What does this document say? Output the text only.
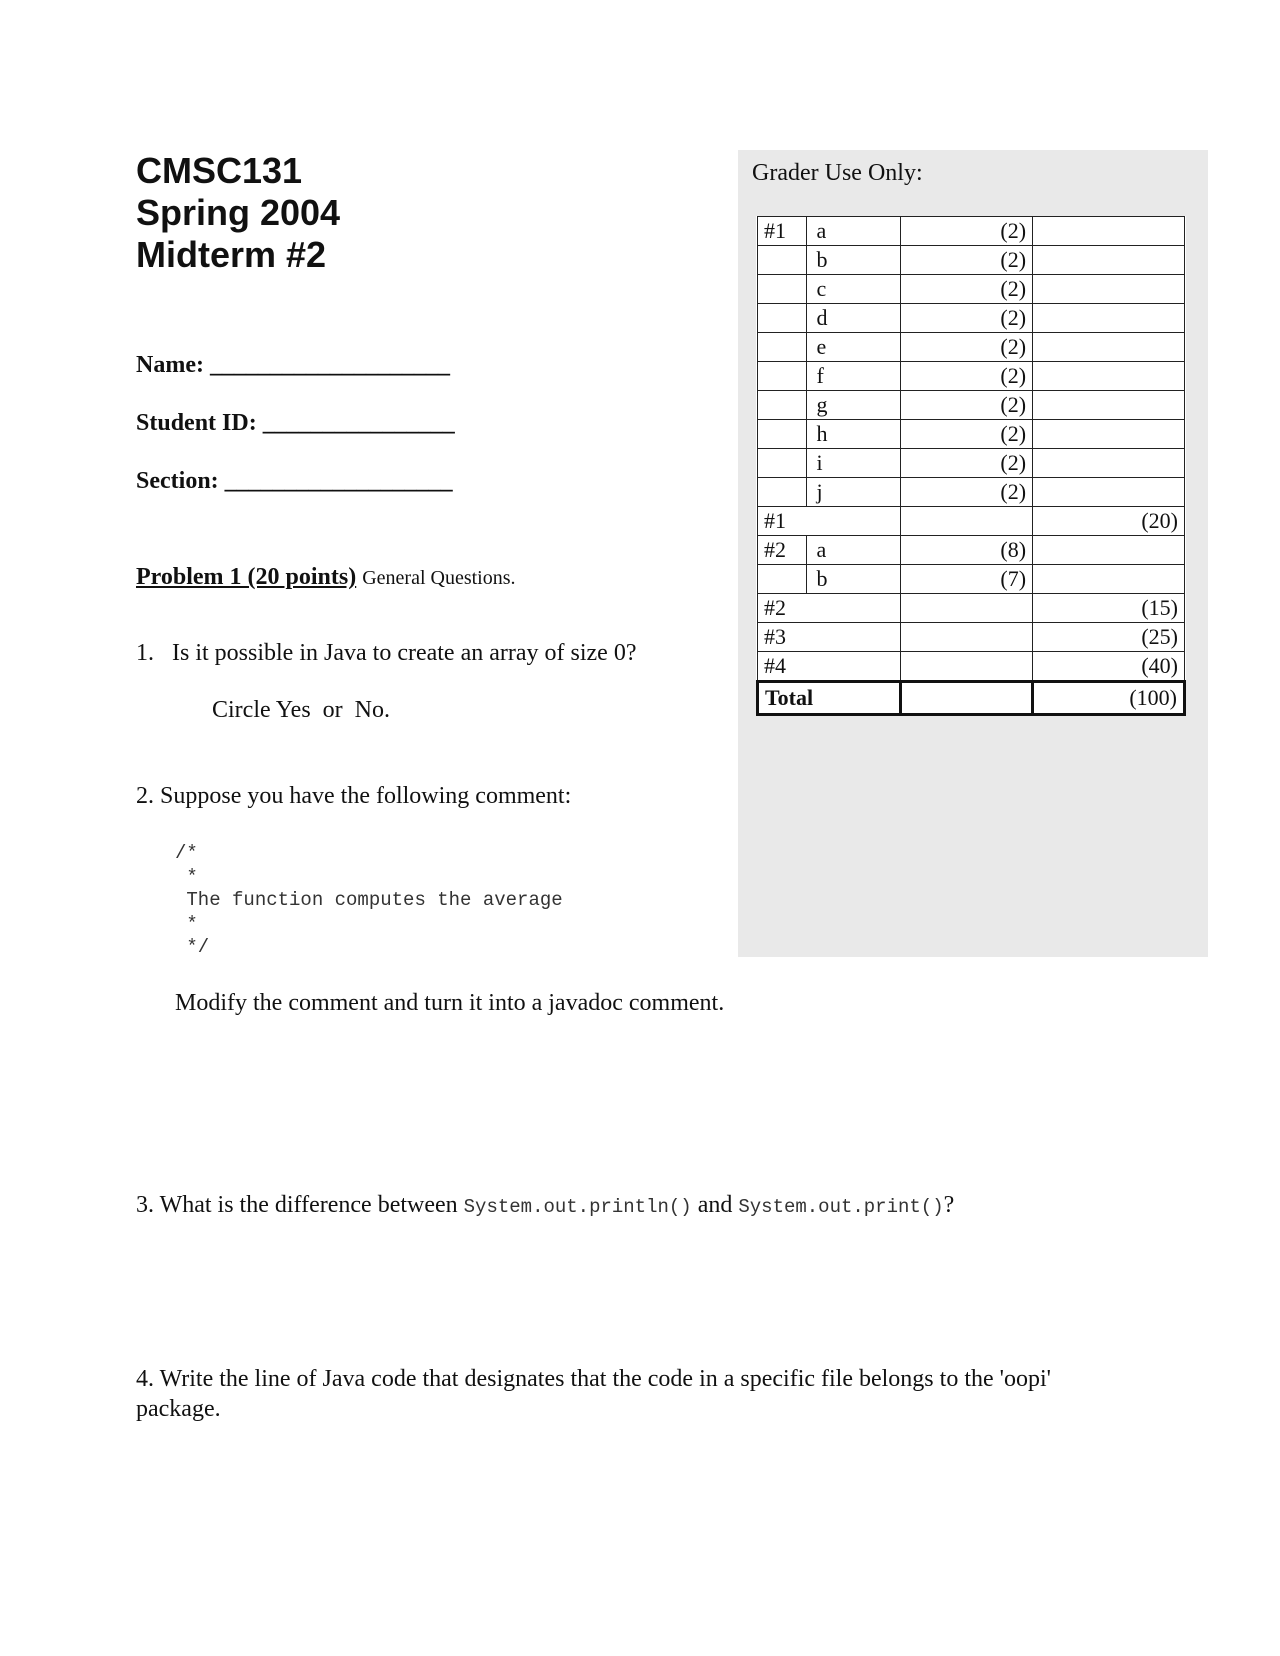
CMSC131
Spring 2004
Midterm #2
Name: ____________________
Student ID: ________________
Section: ___________________
Problem 1 (20 points) General Questions.
1. Is it possible in Java to create an array of size 0?
Circle Yes  or  No.
2. Suppose you have the following comment:
/*
*
The function computes the average
*
*/
Modify the comment and turn it into a javadoc comment.
3. What is the difference between System.out.println() and System.out.print()?
4. Write the line of Java code that designates that the code in a specific file belongs to the 'oopi'
package.
Grader Use Only:
#1	a	(2)	
	b	(2)	
	c	(2)	
	d	(2)	
	e	(2)	
	f	(2)	
	g	(2)	
	h	(2)	
	i	(2)	
	j	(2)	
#1			(20)
#2	a	(8)	
	b	(7)	
#2			(15)
#3			(25)
#4			(40)
Total			(100)
